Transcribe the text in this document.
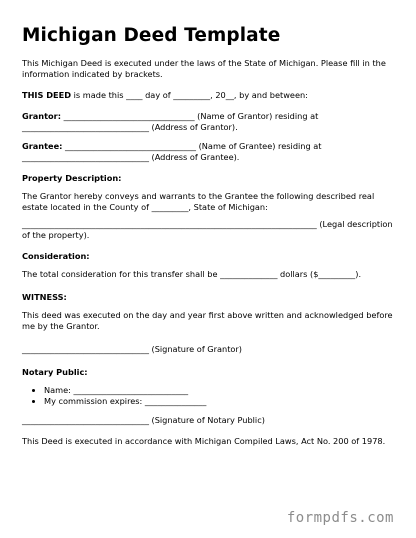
Michigan Deed Template

This Michigan Deed is executed under the laws of the State of Michigan. Please fill in the information indicated by brackets.

THIS DEED is made this ____ day of _________, 20__, by and between:

Grantor: ________________________________ (Name of Grantor) residing at

_______________________________ (Address of Grantor).

Grantee: ________________________________ (Name of Grantee) residing at

_______________________________ (Address of Grantee).

Property Description:

The Grantor hereby conveys and warrants to the Grantee the following described real estate located in the County of _________, State of Michigan:

________________________________________________________________________ (Legal description of the property).

Consideration:

The total consideration for this transfer shall be ______________ dollars ($_________).

WITNESS:

This deed was executed on the day and year first above written and acknowledged before me by the Grantor.

_______________________________ (Signature of Grantor)

Notary Public:
• Name: ____________________________
• My commission expires: _______________

_______________________________ (Signature of Notary Public)

This Deed is executed in accordance with Michigan Compiled Laws, Act No. 200 of 1978.

formpdfs.com
